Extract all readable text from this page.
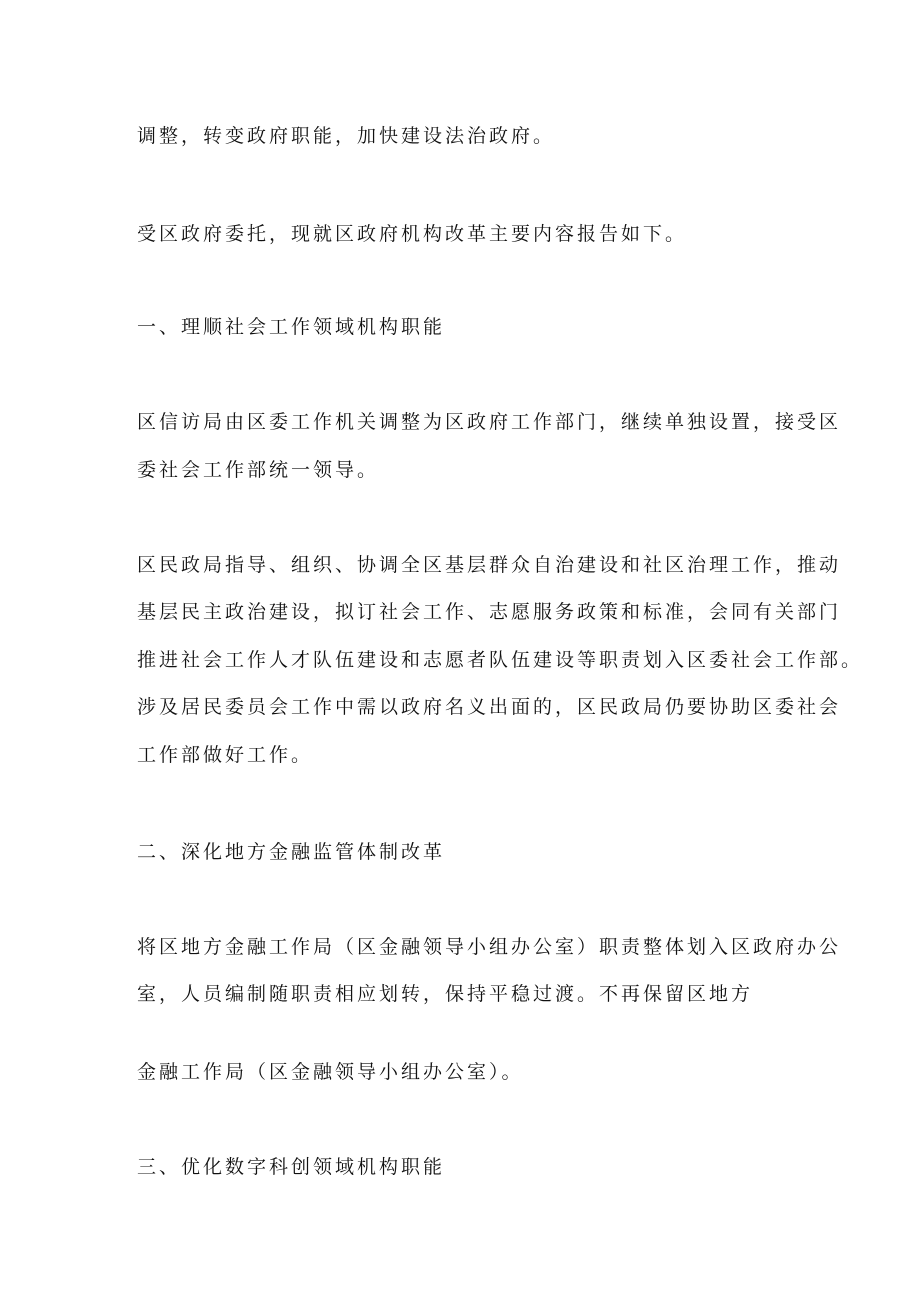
调整，转变政府职能，加快建设法治政府。
受区政府委托，现就区政府机构改革主要内容报告如下。
一、理顺社会工作领域机构职能
区信访局由区委工作机关调整为区政府工作部门，继续单独设置，接受区
委社会工作部统一领导。
区民政局指导、组织、协调全区基层群众自治建设和社区治理工作，推动
基层民主政治建设，拟订社会工作、志愿服务政策和标准，会同有关部门
推进社会工作人才队伍建设和志愿者队伍建设等职责划入区委社会工作部。
涉及居民委员会工作中需以政府名义出面的，区民政局仍要协助区委社会
工作部做好工作。
二、深化地方金融监管体制改革
将区地方金融工作局（区金融领导小组办公室）职责整体划入区政府办公
室，人员编制随职责相应划转，保持平稳过渡。不再保留区地方
金融工作局（区金融领导小组办公室）。
三、优化数字科创领域机构职能
